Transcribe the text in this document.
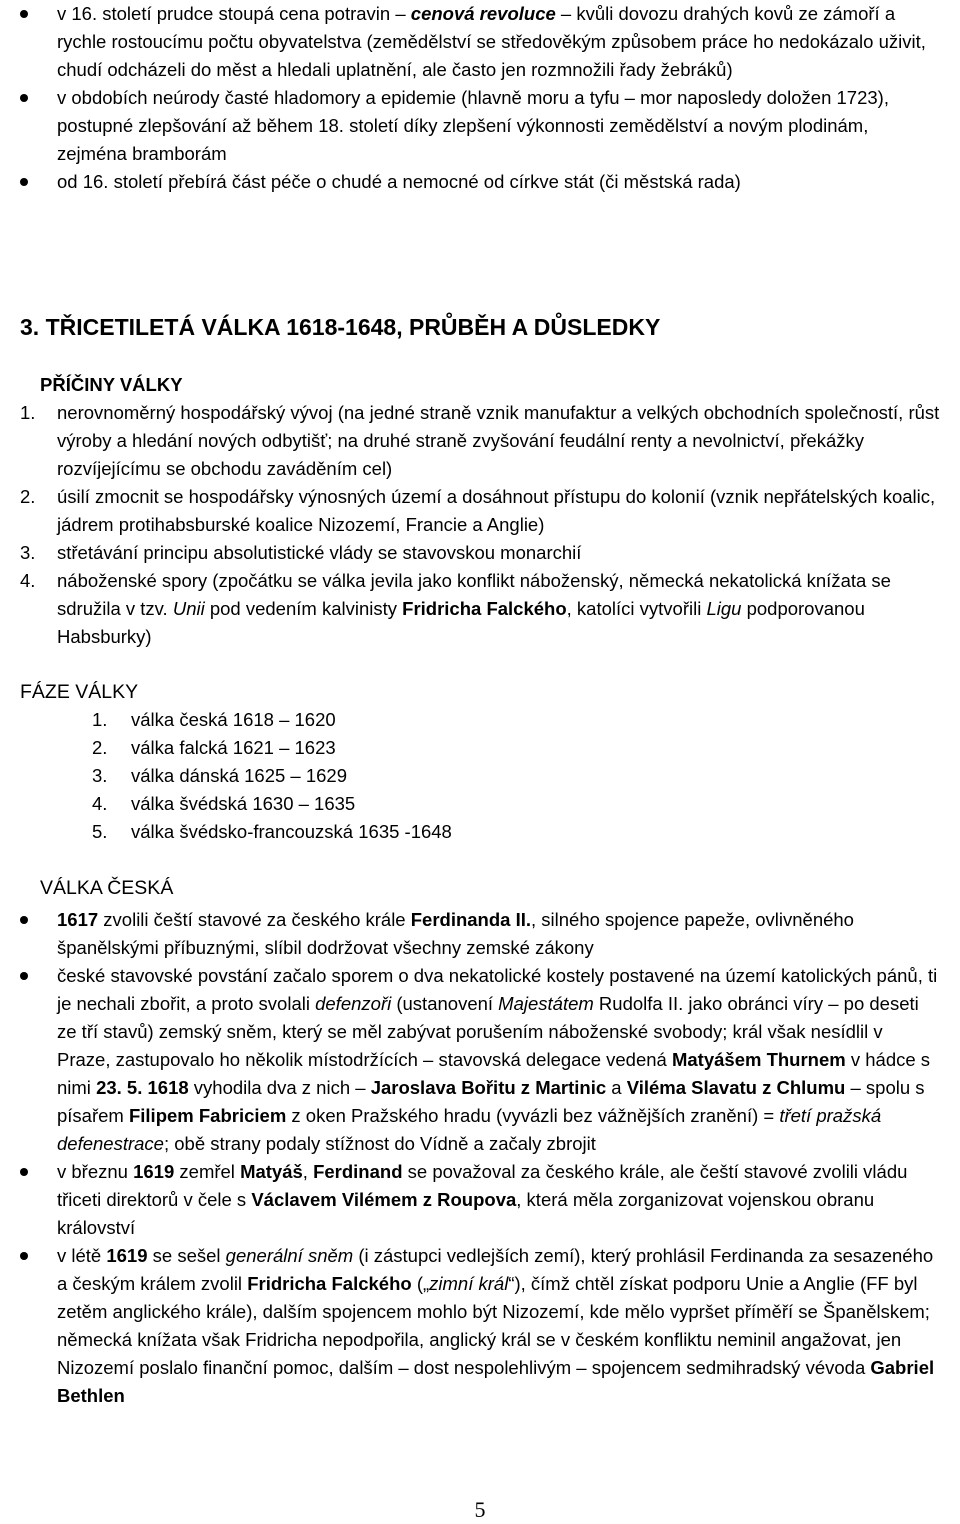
v 16. století prudce stoupá cena potravin – cenová revoluce – kvůli dovozu drahých kovů ze zámoří a rychle rostoucímu počtu obyvatelstva (zemědělství se středověkým způsobem práce ho nedokázalo uživit, chudí odcházeli do měst a hledali uplatnění, ale často jen rozmnožili řady žebráků)
v obdobích neúrody časté hladomory a epidemie (hlavně moru a tyfu – mor naposledy doložen 1723), postupné zlepšování až během 18. století díky zlepšení výkonnosti zemědělství a novým plodinám, zejména bramborám
od 16. století přebírá část péče o chudé a nemocné od církve stát (či městská rada)
3. TŘICETILETÁ VÁLKA 1618-1648, PRŮBĚH A DŮSLEDKY
PŘÍČINY VÁLKY
1. nerovnoměrný hospodářský vývoj (na jedné straně vznik manufaktur a velkých obchodních společností, růst výroby a hledání nových odbytišť; na druhé straně zvyšování feudální renty a nevolnictví, překážky rozvíjejícímu se obchodu zaváděním cel)
2. úsilí zmocnit se hospodářsky výnosných území a dosáhnout přístupu do kolonií (vznik nepřátelských koalic, jádrem protihabsburské koalice Nizozemí, Francie a Anglie)
3. střetávání principu absolutistické vlády se stavovskou monarchií
4. náboženské spory (zpočátku se válka jevila jako konflikt náboženský, německá nekatolická knížata se sdružila v tzv. Unii pod vedením kalvinisty Fridricha Falckého, katolíci vytvořili Ligu podporovanou Habsburky)
FÁZE VÁLKY
1. válka česká 1618 – 1620
2. válka falcká 1621 – 1623
3. válka dánská 1625 – 1629
4. válka švédská 1630 – 1635
5. válka švédsko-francouzská 1635 -1648
VÁLKA ČESKÁ
1617 zvolili čeští stavové za českého krále Ferdinanda II., silného spojence papeže, ovlivněného španělskými příbuznými, slíbil dodržovat všechny zemské zákony
české stavovské povstání začalo sporem o dva nekatolické kostely postavené na území katolických pánů, ti je nechali zbořit, a proto svolali defenzoři (ustanovení Majestátem Rudolfa II. jako obránci víry – po deseti ze tří stavů) zemský sněm, který se měl zabývat porušením náboženské svobody; král však nesídlil v Praze, zastupovalo ho několik místodržících – stavovská delegace vedená Matyášem Thurnem v hádce s nimi 23. 5. 1618 vyhodila dva z nich – Jaroslava Bořitu z Martinic a Viléma Slavatu z Chlumu – spolu s písařem Filipem Fabriciem z oken Pražského hradu (vyvázli bez vážnějších zranění) = třetí pražská defenestrace; obě strany podaly stížnost do Vídně a začaly zbrojit
v březnu 1619 zemřel Matyáš, Ferdinand se považoval za českého krále, ale čeští stavové zvolili vládu třiceti direktorů v čele s Václavem Vilémem z Roupova, která měla zorganizovat vojenskou obranu království
v létě 1619 se sešel generální sněm (i zástupci vedlejších zemí), který prohlásil Ferdinanda za sesazeného a českým králem zvolil Fridricha Falckého („zimní král“), čímž chtěl získat podporu Unie a Anglie (FF byl zetěm anglického krále), dalším spojencem mohlo být Nizozemí, kde mělo vypršet příměří se Španělskem; německá knížata však Fridricha nepodpořila, anglický král se v českém konfliktu neminil angažovat, jen Nizozemí poslalo finanční pomoc, dalším – dost nespolehlivým – spojencem sedmihradský vévoda Gabriel Bethlen
5
